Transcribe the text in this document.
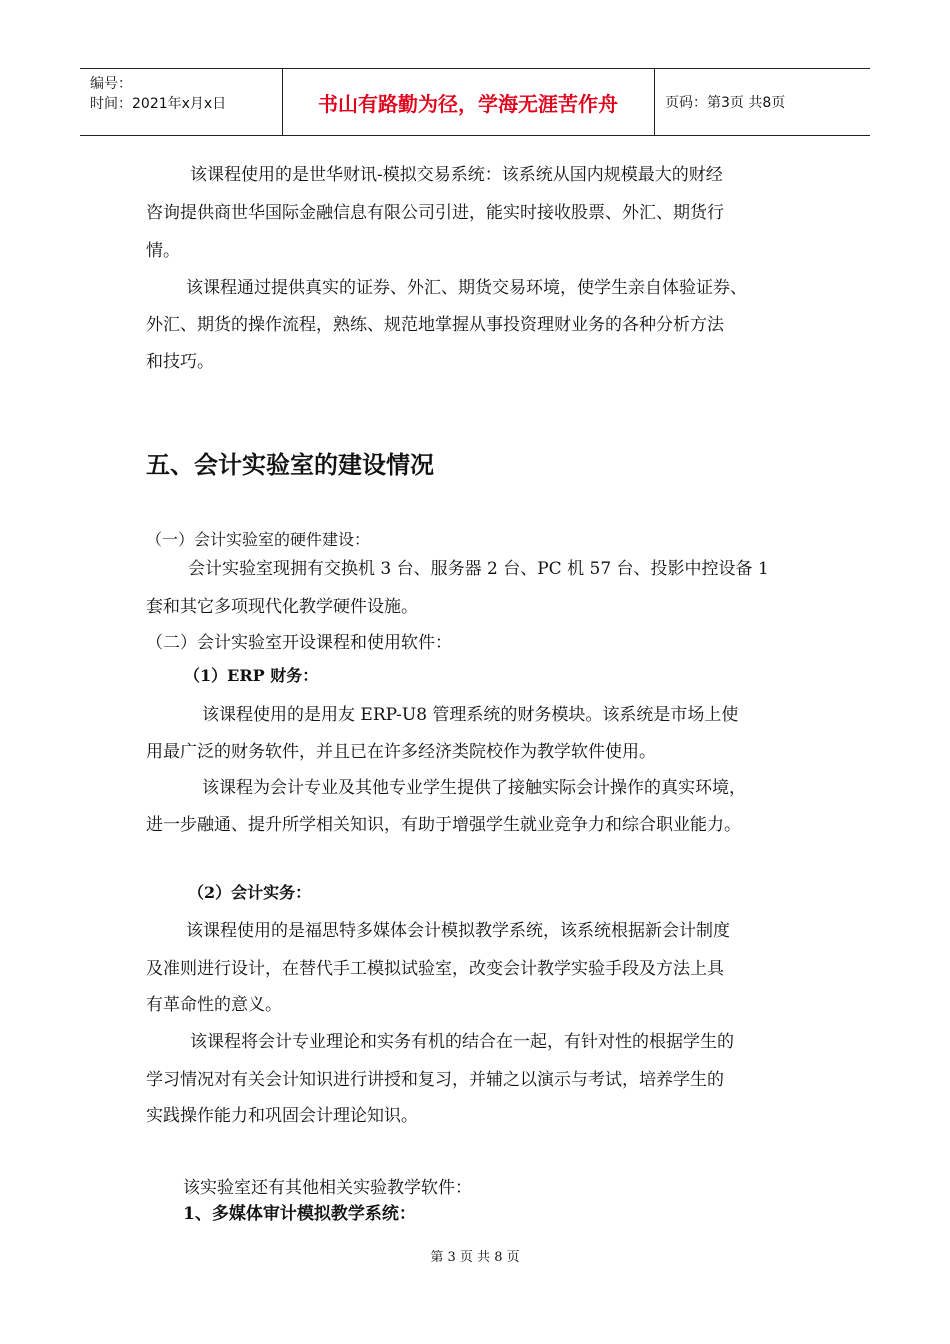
编号：
时间：2021年x月x日	书山有路勤为径，学海无涯苦作舟	页码：第3页 共8页
该课程使用的是世华财讯-模拟交易系统：该系统从国内规模最大的财经
咨询提供商世华国际金融信息有限公司引进，能实时接收股票、外汇、期货行
情。
该课程通过提供真实的证券、外汇、期货交易环境，使学生亲自体验证券、
外汇、期货的操作流程，熟练、规范地掌握从事投资理财业务的各种分析方法
和技巧。
五、会计实验室的建设情况
（一）会计实验室的硬件建设：
会计实验室现拥有交换机 3 台、服务器 2 台、PC 机 57 台、投影中控设备 1
套和其它多项现代化教学硬件设施。
（二）会计实验室开设课程和使用软件：
（1）ERP 财务：
该课程使用的是用友 ERP-U8 管理系统的财务模块。该系统是市场上使
用最广泛的财务软件，并且已在许多经济类院校作为教学软件使用。
该课程为会计专业及其他专业学生提供了接触实际会计操作的真实环境，
进一步融通、提升所学相关知识，有助于增强学生就业竞争力和综合职业能力。
（2）会计实务：
该课程使用的是福思特多媒体会计模拟教学系统，该系统根据新会计制度
及准则进行设计，在替代手工模拟试验室，改变会计教学实验手段及方法上具
有革命性的意义。
该课程将会计专业理论和实务有机的结合在一起，有针对性的根据学生的
学习情况对有关会计知识进行讲授和复习，并辅之以演示与考试，培养学生的
实践操作能力和巩固会计理论知识。
该实验室还有其他相关实验教学软件：
1、多媒体审计模拟教学系统：
第 3 页 共 8 页
